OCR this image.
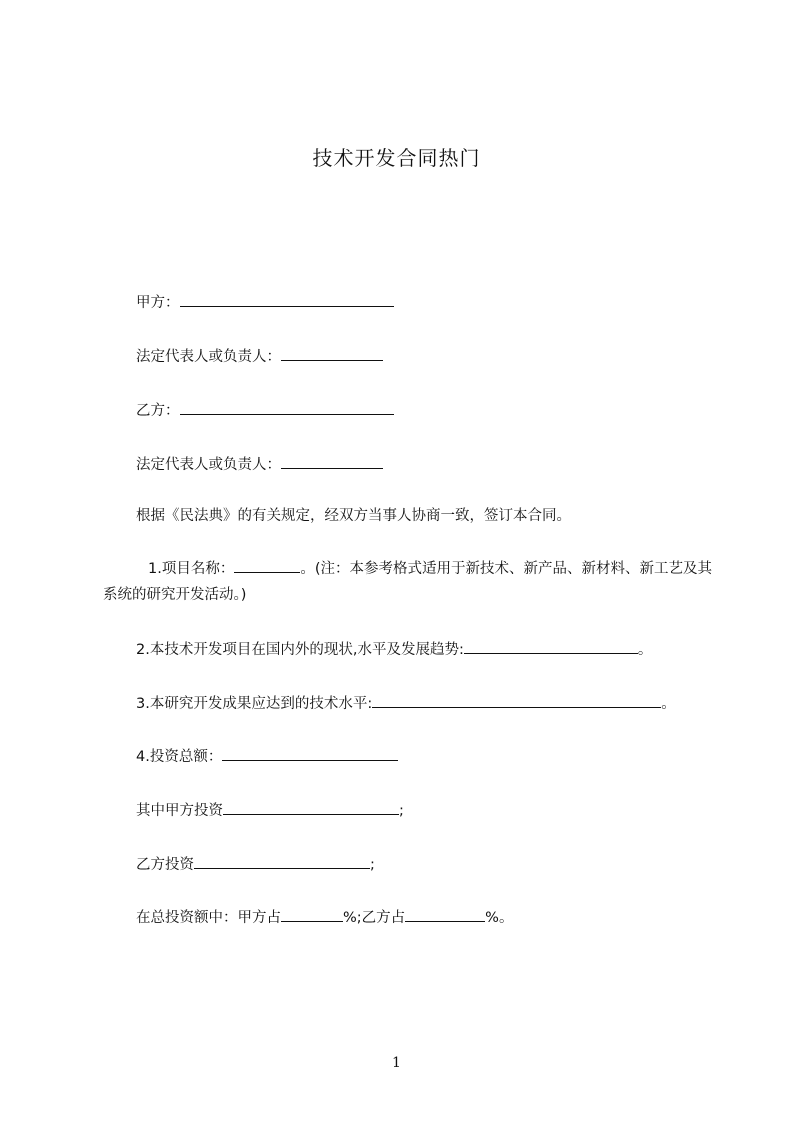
技术开发合同热门
甲方：
法定代表人或负责人：
乙方：
法定代表人或负责人：
根据《民法典》的有关规定，经双方当事人协商一致，签订本合同。
1.项目名称：	。(注：本参考格式适用于新技术、新产品、新材料、新工艺及其系统的研究开发活动。)
2.本技术开发项目在国内外的现状,水平及发展趋势:	。
3.本研究开发成果应达到的技术水平:	。
4.投资总额：
其中甲方投资	;
乙方投资	;
在总投资额中：甲方占	%;乙方占	%。
1
